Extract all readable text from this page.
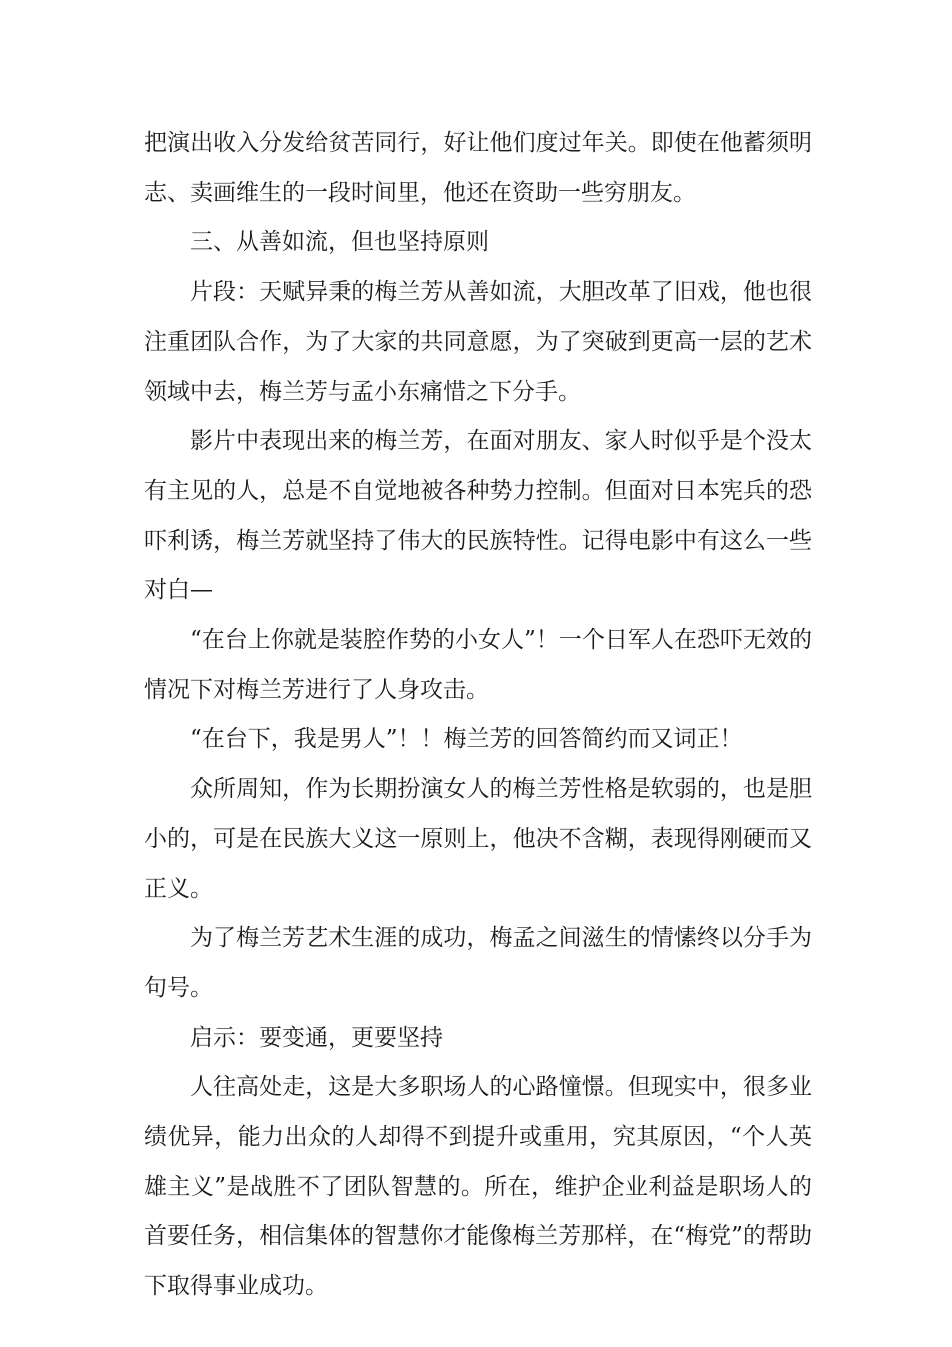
把演出收入分发给贫苦同行，好让他们度过年关。即使在他蓄须明志、卖画维生的一段时间里，他还在资助一些穷朋友。

三、从善如流，但也坚持原则

片段：天赋异秉的梅兰芳从善如流，大胆改革了旧戏，他也很注重团队合作，为了大家的共同意愿，为了突破到更高一层的艺术领域中去，梅兰芳与孟小东痛惜之下分手。

影片中表现出来的梅兰芳，在面对朋友、家人时似乎是个没太有主见的人，总是不自觉地被各种势力控制。但面对日本宪兵的恐吓利诱，梅兰芳就坚持了伟大的民族特性。记得电影中有这么一些对白—

“在台上你就是装腔作势的小女人”！一个日军人在恐吓无效的情况下对梅兰芳进行了人身攻击。

“在台下，我是男人”！！梅兰芳的回答简约而又词正！

众所周知，作为长期扮演女人的梅兰芳性格是软弱的，也是胆小的，可是在民族大义这一原则上，他决不含糊，表现得刚硬而又正义。

为了梅兰芳艺术生涯的成功，梅孟之间滋生的情愫终以分手为句号。

启示：要变通，更要坚持

人往高处走，这是大多职场人的心路憧憬。但现实中，很多业绩优异，能力出众的人却得不到提升或重用，究其原因，“个人英雄主义”是战胜不了团队智慧的。所在，维护企业利益是职场人的首要任务，相信集体的智慧你才能像梅兰芳那样，在“梅党”的帮助下取得事业成功。
